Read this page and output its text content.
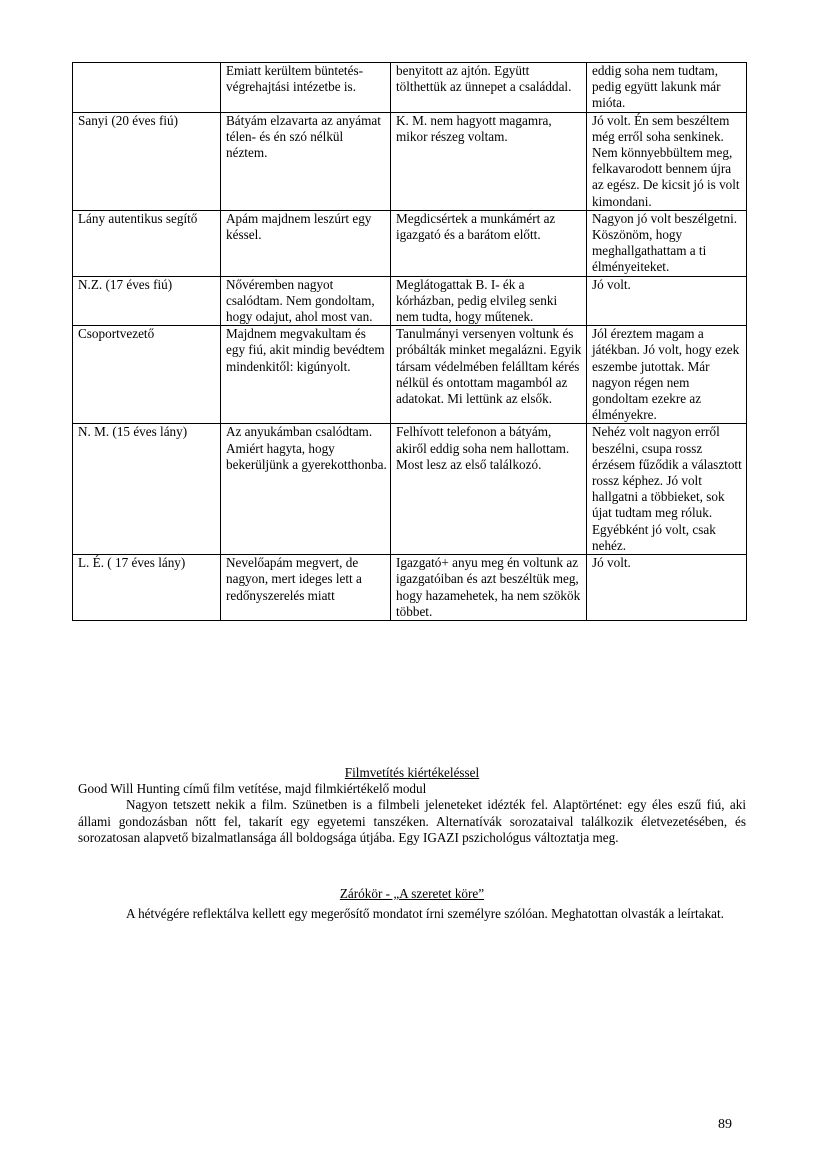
	Emiatt kerültem büntetés-végrehajtási intézetbe is.	benyitott az ajtón. Együtt tölthettük az ünnepet a családdal.	eddig soha nem tudtam, pedig együtt lakunk már mióta.
Sanyi (20 éves fiú)	Bátyám elzavarta az anyámat télen- és én szó nélkül néztem.	K. M. nem hagyott magamra, mikor részeg voltam.	Jó volt. Én sem beszéltem még erről soha senkinek. Nem könnyebbültem meg, felkavarodott bennem újra az egész. De kicsit jó is volt kimondani.
Lány autentikus segítő	Apám majdnem leszúrt egy késsel.	Megdicsértek a munkámért az igazgató és a barátom előtt.	Nagyon jó volt beszélgetni. Köszönöm, hogy meghallgathattam a ti élményeiteket.
N.Z. (17 éves fiú)	Nővéremben nagyot csalódtam. Nem gondoltam, hogy odajut, ahol most van.	Meglátogattak B. I- ék a kórházban, pedig elvileg senki nem tudta, hogy műtenek.	Jó volt.
Csoportvezető	Majdnem megvakultam és egy fiú, akit mindig bevédtem mindenkitől: kigúnyolt.	Tanulmányi versenyen voltunk és próbálták minket megalázni. Egyik társam védelmében felálltam kérés nélkül és ontottam magamból az adatokat. Mi lettünk az elsők.	Jól éreztem magam a játékban. Jó volt, hogy ezek eszembe jutottak. Már nagyon régen nem gondoltam ezekre az élményekre.
N. M. (15 éves lány)	Az anyukámban csalódtam. Amiért hagyta, hogy bekerüljünk a gyerekotthonba.	Felhívott telefonon a bátyám, akiről eddig soha nem hallottam. Most lesz az első találkozó.	Nehéz volt nagyon erről beszélni, csupa rossz érzésem fűződik a választott rossz képhez. Jó volt hallgatni a többieket, sok újat tudtam meg róluk. Egyébként jó volt, csak nehéz.
L. É. ( 17 éves lány)	Nevelőapám megvert, de nagyon, mert ideges lett a redőnyszerelés miatt	Igazgató+ anyu meg én voltunk az igazgatóiban és azt beszéltük meg, hogy hazamehetek, ha nem szökök többet.	Jó volt.
Filmvetítés kiértékeléssel

Good Will Hunting című film vetítése, majd filmkiértékelő modul

Nagyon tetszett nekik a film. Szünetben is a filmbeli jeleneteket idézték fel. Alaptörténet: egy éles eszű fiú, aki állami gondozásban nőtt fel, takarít egy egyetemi tanszéken. Alternatívák sorozataival találkozik életvezetésében, és sorozatosan alapvető bizalmatlansága áll boldogsága útjába. Egy IGAZI pszichológus változtatja meg.

Zárókör - „A szeretet köre”

A hétvégére reflektálva kellett egy megerősítő mondatot írni személyre szólóan. Meghatottan olvasták a leírtakat.

89
